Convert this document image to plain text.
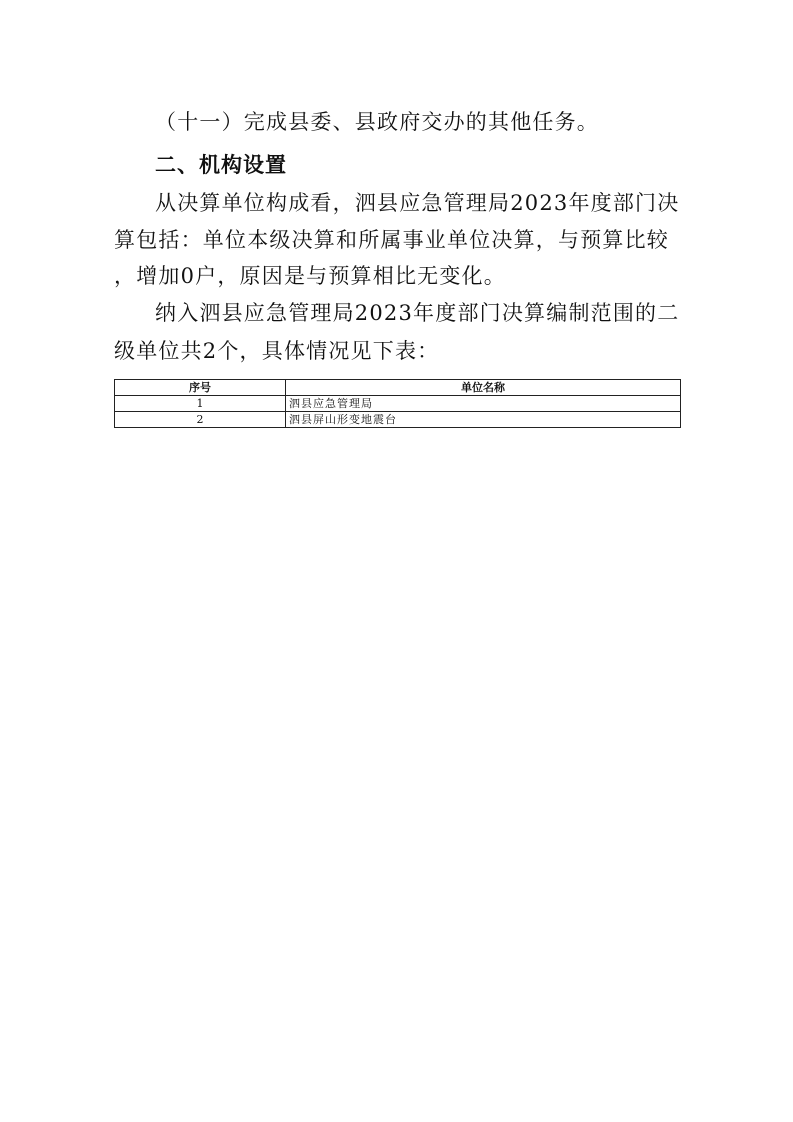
（十一）完成县委、县政府交办的其他任务。
二、机构设置
从决算单位构成看，泗县应急管理局2023年度部门决
算包括：单位本级决算和所属事业单位决算，与预算比较
，增加0户，原因是与预算相比无变化。
纳入泗县应急管理局2023年度部门决算编制范围的二
级单位共2个，具体情况见下表：
序号	单位名称
1	泗县应急管理局
2	泗县屏山形变地震台
